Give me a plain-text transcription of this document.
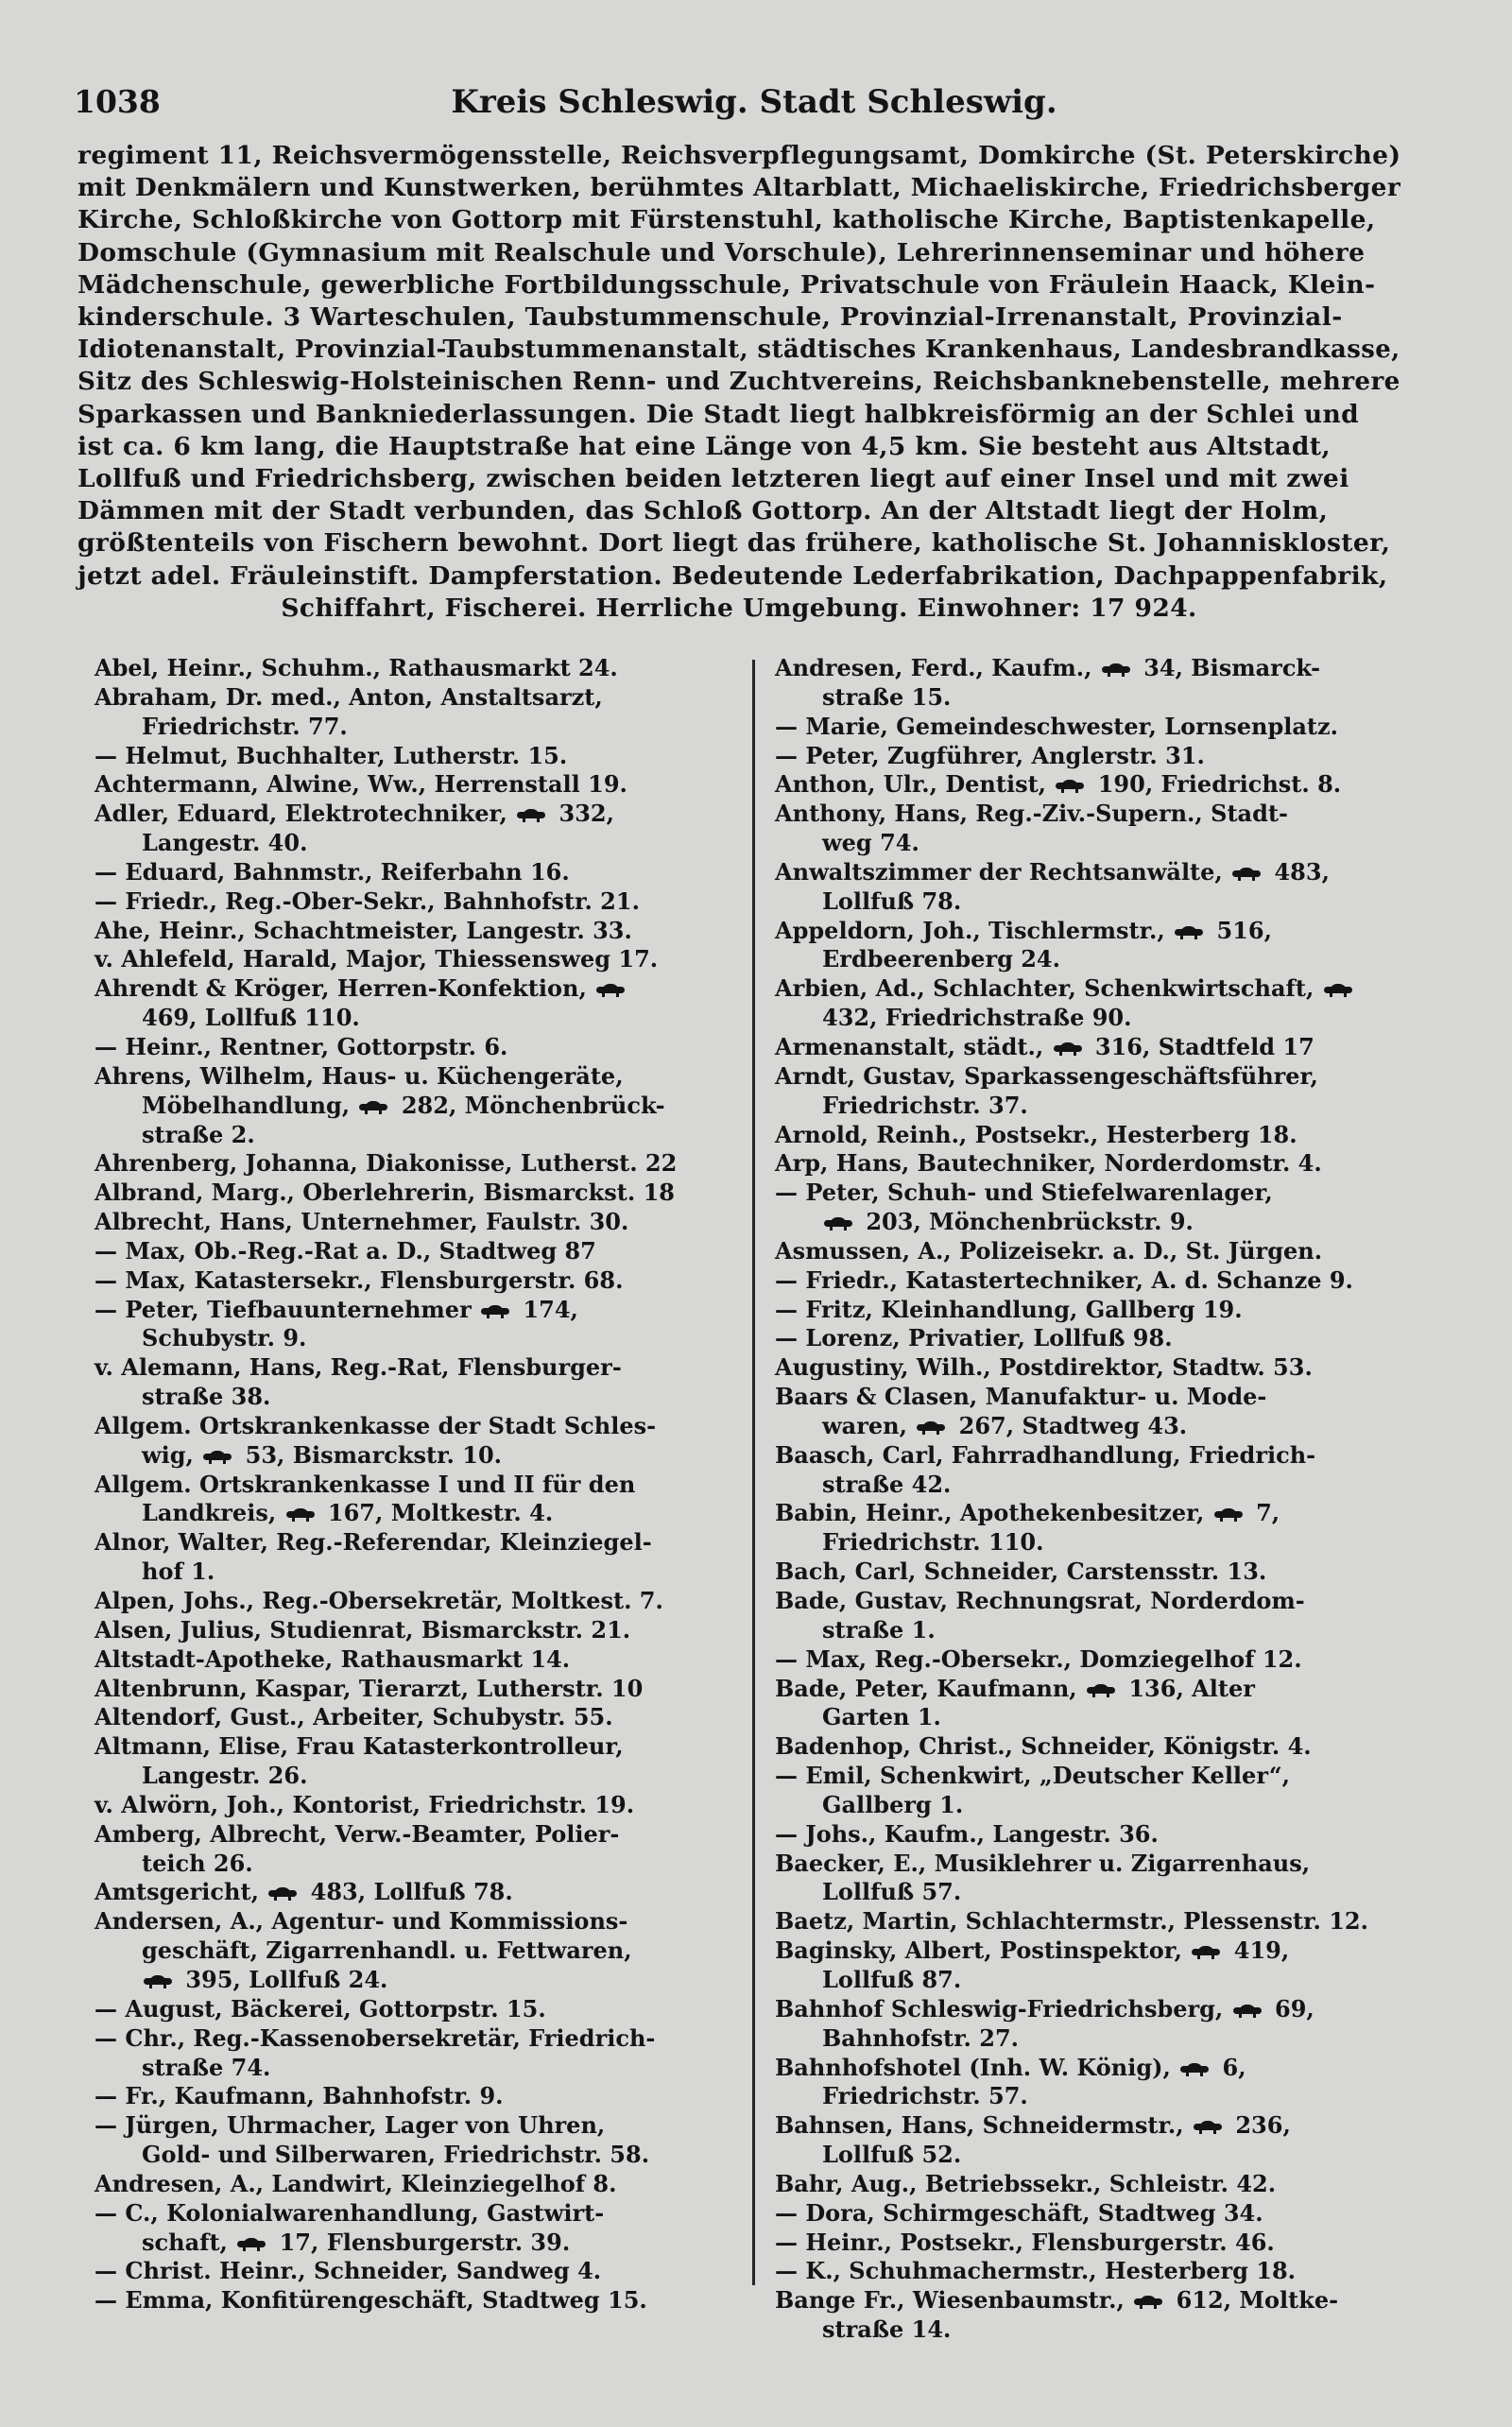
1038	Kreis Schleswig. Stadt Schleswig.
regiment 11, Reichsvermögensstelle, Reichsverpflegungsamt, Domkirche (St. Peterskirche)
mit Denkmälern und Kunstwerken, berühmtes Altarblatt, Michaeliskirche, Friedrichsberger
Kirche, Schloßkirche von Gottorp mit Fürstenstuhl, katholische Kirche, Baptistenkapelle,
Domschule (Gymnasium mit Realschule und Vorschule), Lehrerinnenseminar und höhere
Mädchenschule, gewerbliche Fortbildungsschule, Privatschule von Fräulein Haack, Klein-
kinderschule. 3 Warteschulen, Taubstummenschule, Provinzial-Irrenanstalt, Provinzial-
Idiotenanstalt, Provinzial-Taubstummenanstalt, städtisches Krankenhaus, Landesbrandkasse,
Sitz des Schleswig-Holsteinischen Renn- und Zuchtvereins, Reichsbanknebenstelle, mehrere
Sparkassen und Bankniederlassungen. Die Stadt liegt halbkreisförmig an der Schlei und
ist ca. 6 km lang, die Hauptstraße hat eine Länge von 4,5 km. Sie besteht aus Altstadt,
Lollfuß und Friedrichsberg, zwischen beiden letzteren liegt auf einer Insel und mit zwei
Dämmen mit der Stadt verbunden, das Schloß Gottorp. An der Altstadt liegt der Holm,
größtenteils von Fischern bewohnt. Dort liegt das frühere, katholische St. Johanniskloster,
jetzt adel. Fräuleinstift. Dampferstation. Bedeutende Lederfabrikation, Dachpappenfabrik,
Schiffahrt, Fischerei. Herrliche Umgebung. Einwohner: 17 924.
Abel, Heinr., Schuhm., Rathausmarkt 24.
Abraham, Dr. med., Anton, Anstaltsarzt,
Friedrichstr. 77.
— Helmut, Buchhalter, Lutherstr. 15.
Achtermann, Alwine, Ww., Herrenstall 19.
Adler, Eduard, Elektrotechniker,  332,
Langestr. 40.
— Eduard, Bahnmstr., Reiferbahn 16.
— Friedr., Reg.-Ober-Sekr., Bahnhofstr. 21.
Ahe, Heinr., Schachtmeister, Langestr. 33.
v. Ahlefeld, Harald, Major, Thiessensweg 17.
Ahrendt & Kröger, Herren-Konfektion,
469, Lollfuß 110.
— Heinr., Rentner, Gottorpstr. 6.
Ahrens, Wilhelm, Haus- u. Küchengeräte,
Möbelhandlung,  282, Mönchenbrück-
straße 2.
Ahrenberg, Johanna, Diakonisse, Lutherst. 22
Albrand, Marg., Oberlehrerin, Bismarckst. 18
Albrecht, Hans, Unternehmer, Faulstr. 30.
— Max, Ob.-Reg.-Rat a. D., Stadtweg 87
— Max, Katastersekr., Flensburgerstr. 68.
— Peter, Tiefbauunternehmer  174,
Schubystr. 9.
v. Alemann, Hans, Reg.-Rat, Flensburger-
straße 38.
Allgem. Ortskrankenkasse der Stadt Schles-
wig,  53, Bismarckstr. 10.
Allgem. Ortskrankenkasse I und II für den
Landkreis,  167, Moltkestr. 4.
Alnor, Walter, Reg.-Referendar, Kleinziegel-
hof 1.
Alpen, Johs., Reg.-Obersekretär, Moltkest. 7.
Alsen, Julius, Studienrat, Bismarckstr. 21.
Altstadt-Apotheke, Rathausmarkt 14.
Altenbrunn, Kaspar, Tierarzt, Lutherstr. 10
Altendorf, Gust., Arbeiter, Schubystr. 55.
Altmann, Elise, Frau Katasterkontrolleur,
Langestr. 26.
v. Alwörn, Joh., Kontorist, Friedrichstr. 19.
Amberg, Albrecht, Verw.-Beamter, Polier-
teich 26.
Amtsgericht,  483, Lollfuß 78.
Andersen, A., Agentur- und Kommissions-
geschäft, Zigarrenhandl. u. Fettwaren,
395, Lollfuß 24.
— August, Bäckerei, Gottorpstr. 15.
— Chr., Reg.-Kassenobersekretär, Friedrich-
straße 74.
— Fr., Kaufmann, Bahnhofstr. 9.
— Jürgen, Uhrmacher, Lager von Uhren,
Gold- und Silberwaren, Friedrichstr. 58.
Andresen, A., Landwirt, Kleinziegelhof 8.
— C., Kolonialwarenhandlung, Gastwirt-
schaft,  17, Flensburgerstr. 39.
— Christ. Heinr., Schneider, Sandweg 4.
— Emma, Konfitürengeschäft, Stadtweg 15.
Andresen, Ferd., Kaufm.,  34, Bismarck-
straße 15.
— Marie, Gemeindeschwester, Lornsenplatz.
— Peter, Zugführer, Anglerstr. 31.
Anthon, Ulr., Dentist,  190, Friedrichst. 8.
Anthony, Hans, Reg.-Ziv.-Supern., Stadt-
weg 74.
Anwaltszimmer der Rechtsanwälte,  483,
Lollfuß 78.
Appeldorn, Joh., Tischlermstr.,  516,
Erdbeerenberg 24.
Arbien, Ad., Schlachter, Schenkwirtschaft,
432, Friedrichstraße 90.
Armenanstalt, städt.,  316, Stadtfeld 17
Arndt, Gustav, Sparkassengeschäftsführer,
Friedrichstr. 37.
Arnold, Reinh., Postsekr., Hesterberg 18.
Arp, Hans, Bautechniker, Norderdomstr. 4.
— Peter, Schuh- und Stiefelwarenlager,
203, Mönchenbrückstr. 9.
Asmussen, A., Polizeisekr. a. D., St. Jürgen.
— Friedr., Katastertechniker, A. d. Schanze 9.
— Fritz, Kleinhandlung, Gallberg 19.
— Lorenz, Privatier, Lollfuß 98.
Augustiny, Wilh., Postdirektor, Stadtw. 53.
Baars & Clasen, Manufaktur- u. Mode-
waren,  267, Stadtweg 43.
Baasch, Carl, Fahrradhandlung, Friedrich-
straße 42.
Babin, Heinr., Apothekenbesitzer,  7,
Friedrichstr. 110.
Bach, Carl, Schneider, Carstensstr. 13.
Bade, Gustav, Rechnungsrat, Norderdom-
straße 1.
— Max, Reg.-Obersekr., Domziegelhof 12.
Bade, Peter, Kaufmann,  136, Alter
Garten 1.
Badenhop, Christ., Schneider, Königstr. 4.
— Emil, Schenkwirt, „Deutscher Keller“,
Gallberg 1.
— Johs., Kaufm., Langestr. 36.
Baecker, E., Musiklehrer u. Zigarrenhaus,
Lollfuß 57.
Baetz, Martin, Schlachtermstr., Plessenstr. 12.
Baginsky, Albert, Postinspektor,  419,
Lollfuß 87.
Bahnhof Schleswig-Friedrichsberg,  69,
Bahnhofstr. 27.
Bahnhofshotel (Inh. W. König),  6,
Friedrichstr. 57.
Bahnsen, Hans, Schneidermstr.,  236,
Lollfuß 52.
Bahr, Aug., Betriebssekr., Schleistr. 42.
— Dora, Schirmgeschäft, Stadtweg 34.
— Heinr., Postsekr., Flensburgerstr. 46.
— K., Schuhmachermstr., Hesterberg 18.
Bange Fr., Wiesenbaumstr.,  612, Moltke-
straße 14.
